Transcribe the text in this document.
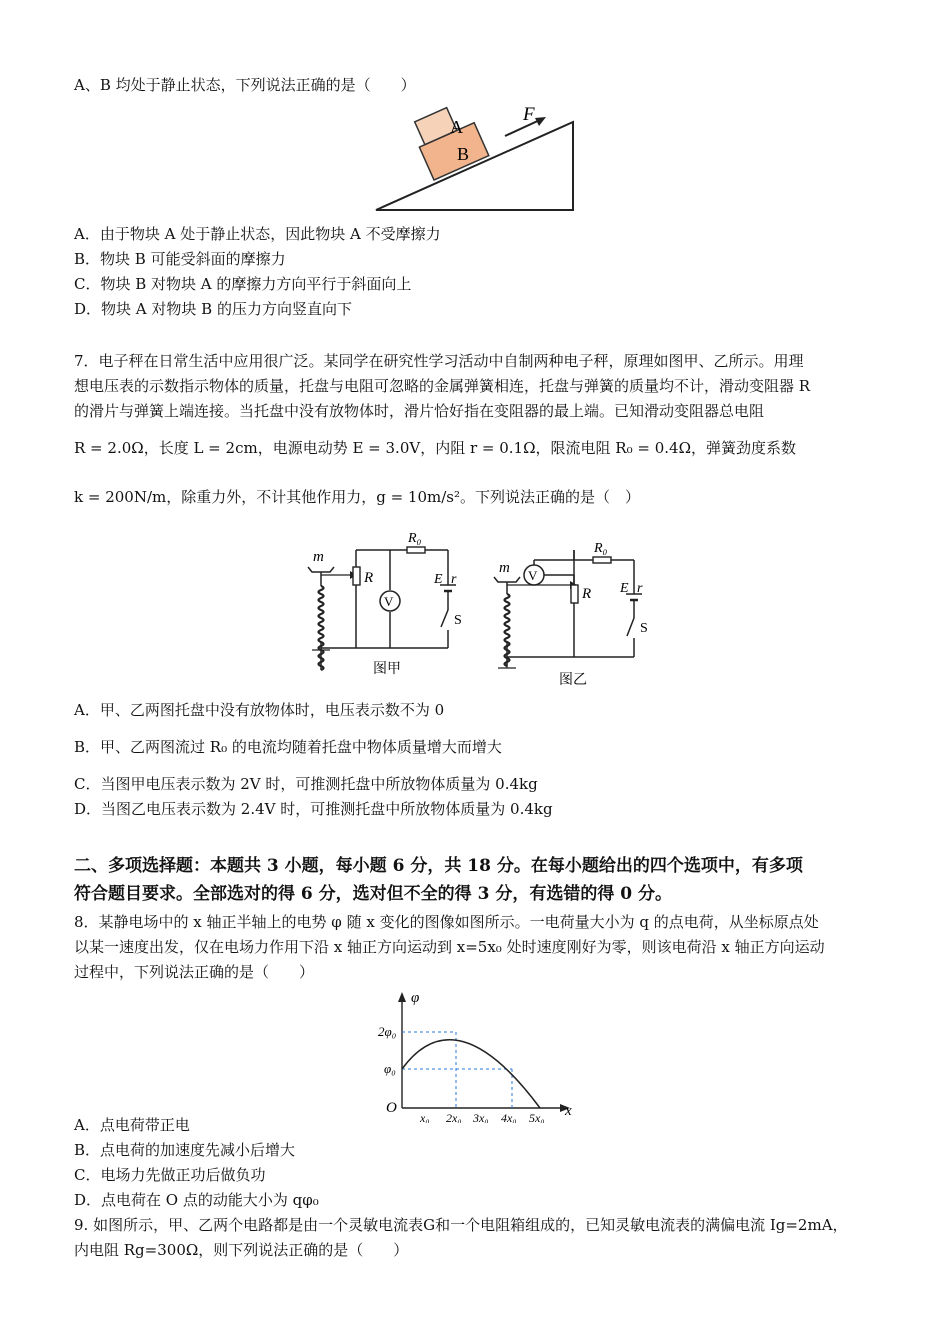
A、B 均处于静止状态，下列说法正确的是（　　）
A
B
F
A．由于物块 A 处于静止状态，因此物块 A 不受摩擦力
B．物块 B 可能受斜面的摩擦力
C．物块 B 对物块 A 的摩擦力方向平行于斜面向上
D．物块 A 对物块 B 的压力方向竖直向下
7．电子秤在日常生活中应用很广泛。某同学在研究性学习活动中自制两种电子秤，原理如图甲、乙所示。用理
想电压表的示数指示物体的质量，托盘与电阻可忽略的金属弹簧相连，托盘与弹簧的质量均不计，滑动变阻器 R
的滑片与弹簧上端连接。当托盘中没有放物体时，滑片恰好指在变阻器的最上端。已知滑动变阻器总电阻
R = 2.0Ω，长度 L = 2cm，电源电动势 E = 3.0V，内阻 r = 0.1Ω，限流电阻 R₀ = 0.4Ω，弹簧劲度系数
k = 200N/m，除重力外，不计其他作用力，g = 10m/s²。下列说法正确的是（　）
m
R
R₀
V
E r
S
图甲
m V
R
R₀
E r
S
图乙
A．甲、乙两图托盘中没有放物体时，电压表示数不为 0
B．甲、乙两图流过 R₀ 的电流均随着托盘中物体质量增大而增大
C．当图甲电压表示数为 2V 时，可推测托盘中所放物体质量为 0.4kg
D．当图乙电压表示数为 2.4V 时，可推测托盘中所放物体质量为 0.4kg
二、多项选择题：本题共 3 小题，每小题 6 分，共 18 分。在每小题给出的四个选项中，有多项
符合题目要求。全部选对的得 6 分，选对但不全的得 3 分，有选错的得 0 分。
8．某静电场中的 x 轴正半轴上的电势 φ 随 x 变化的图像如图所示。一电荷量大小为 q 的点电荷，从坐标原点处
以某一速度出发，仅在电场力作用下沿 x 轴正方向运动到 x=5x₀ 处时速度刚好为零，则该电荷沿 x 轴正方向运动
过程中，下列说法正确的是（　　）
φ
O	x
2φ₀
φ₀
x₀ 2x₀ 3x₀ 4x₀ 5x₀
A．点电荷带正电
B．点电荷的加速度先减小后增大
C．电场力先做正功后做负功
D．点电荷在 O 点的动能大小为 qφ₀
9. 如图所示，甲、乙两个电路都是由一个灵敏电流表G和一个电阻箱组成的，已知灵敏电流表的满偏电流 Ig=2mA，
内电阻 Rg=300Ω，则下列说法正确的是（　　）
